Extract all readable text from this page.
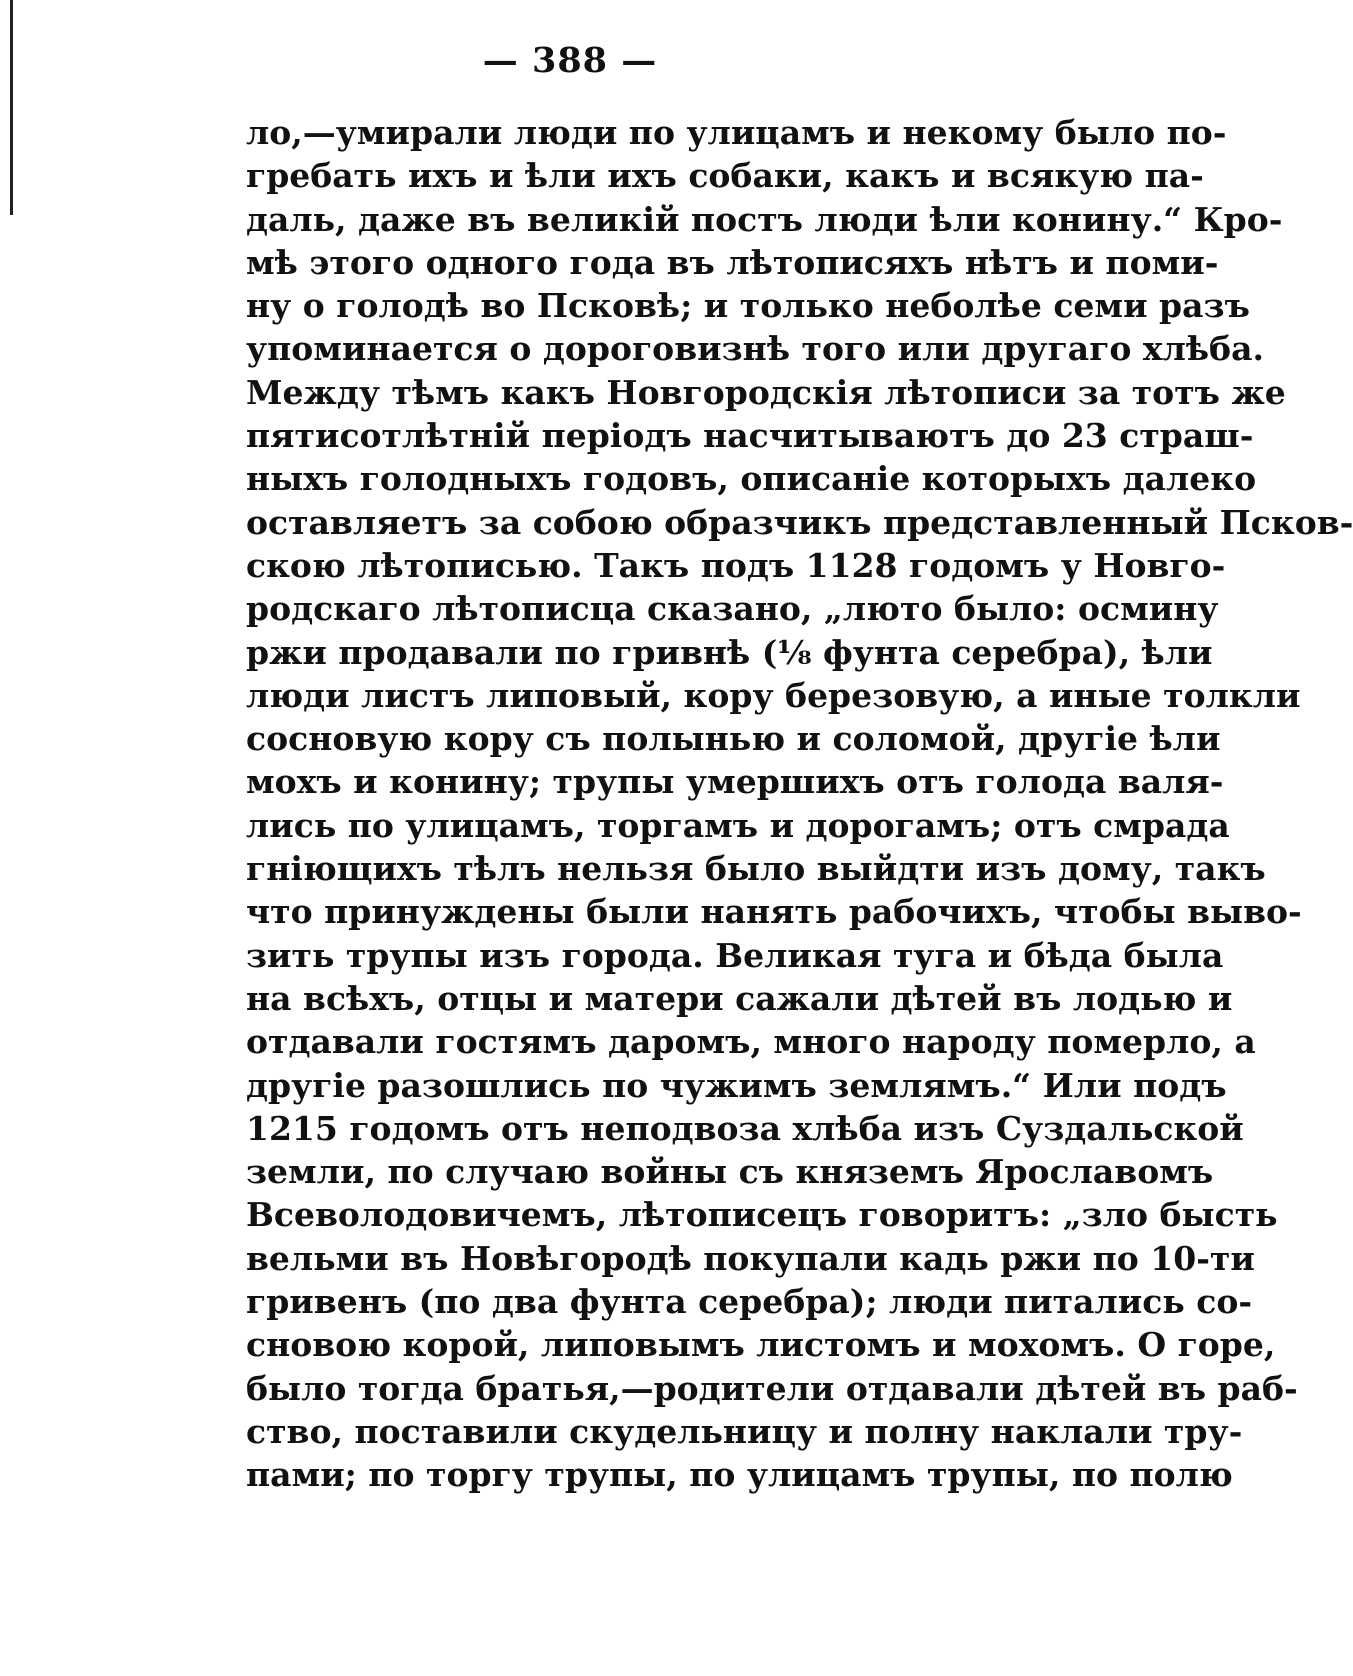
— 388 —
ло,—умирали люди по улицамъ и некому было по-
гребать ихъ и ѣли ихъ собаки, какъ и всякую па-
даль, даже въ великій постъ люди ѣли конину.“ Кро-
мѣ этого одного года въ лѣтописяхъ нѣтъ и поми-
ну о голодѣ во Псковѣ; и только неболѣе семи разъ
упоминается о дороговизнѣ того или другаго хлѣба.
Между тѣмъ какъ Новгородскія лѣтописи за тотъ же
пятисотлѣтній періодъ насчитываютъ до 23 страш-
ныхъ голодныхъ годовъ, описаніе которыхъ далеко
оставляетъ за собою образчикъ представленный Псков-
скою лѣтописью. Такъ подъ 1128 годомъ у Новго-
родскаго лѣтописца сказано, „люто было: осмину
ржи продавали по гривнѣ (⅛ фунта серебра), ѣли
люди листъ липовый, кору березовую, а иные толкли
сосновую кору съ полынью и соломой, другіе ѣли
мохъ и конину; трупы умершихъ отъ голода валя-
лись по улицамъ, торгамъ и дорогамъ; отъ смрада
гніющихъ тѣлъ нельзя было выйдти изъ дому, такъ
что принуждены были нанять рабочихъ, чтобы выво-
зить трупы изъ города. Великая туга и бѣда была
на всѣхъ, отцы и матери сажали дѣтей въ лодью и
отдавали гостямъ даромъ, много народу померло, а
другіе разошлись по чужимъ землямъ.“ Или подъ
1215 годомъ отъ неподвоза хлѣба изъ Суздальской
земли, по случаю войны съ княземъ Ярославомъ
Всеволодовичемъ, лѣтописецъ говоритъ: „зло бысть
вельми въ Новѣгородѣ покупали кадь ржи по 10-ти
гривенъ (по два фунта серебра); люди питались со-
сновою корой, липовымъ листомъ и мохомъ. О горе,
было тогда братья,—родители отдавали дѣтей въ раб-
ство, поставили скудельницу и полну наклали тру-
пами; по торгу трупы, по улицамъ трупы, по полю
